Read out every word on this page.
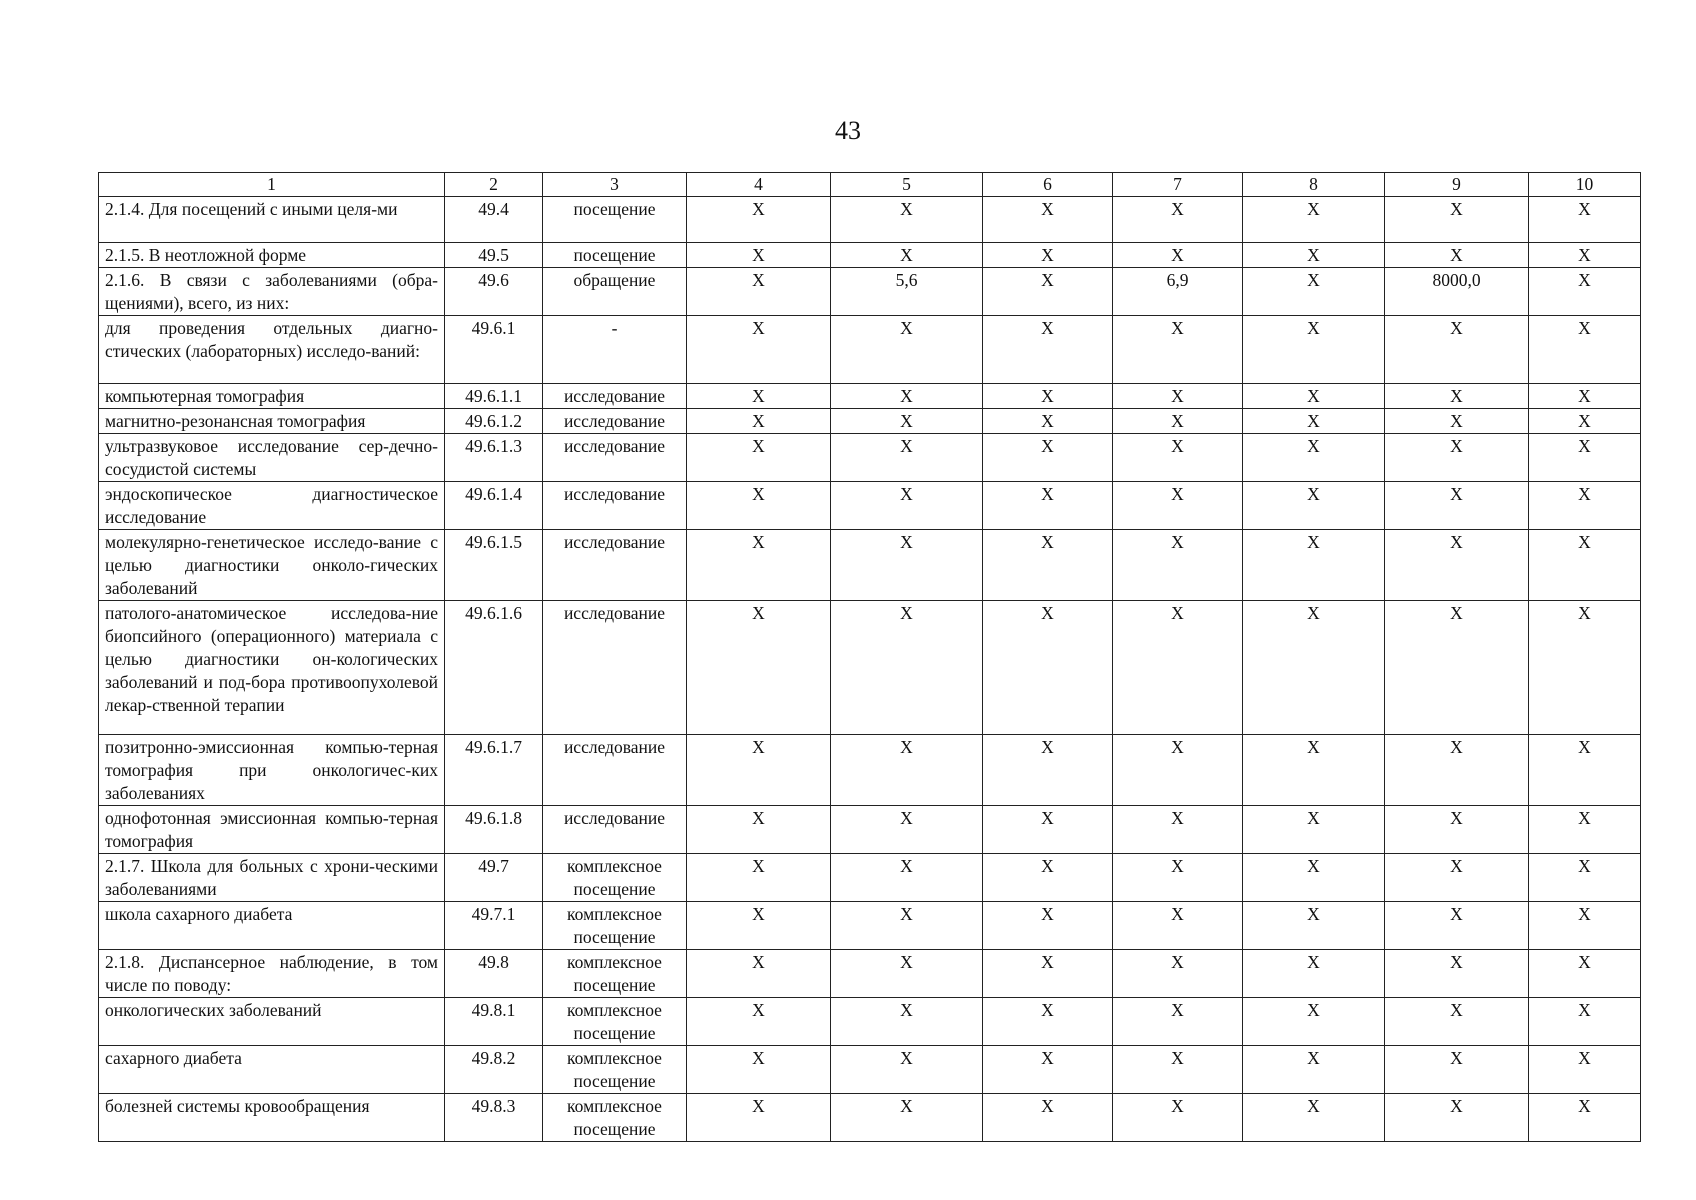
43
1	2	3	4	5	6	7	8	9	10
2.1.4. Для посещений с иными целя-ми	49.4	посещение	Х	Х	Х	Х	Х	Х	Х
2.1.5. В неотложной форме	49.5	посещение	Х	Х	Х	Х	Х	Х	Х
2.1.6. В связи с заболеваниями (обра-щениями), всего, из них:	49.6	обращение	Х	5,6	Х	6,9	Х	8000,0	Х
для проведения отдельных диагно-стических (лабораторных) исследо-ваний:	49.6.1	-	Х	Х	Х	Х	Х	Х	Х
компьютерная томография	49.6.1.1	исследование	Х	Х	Х	Х	Х	Х	Х
магнитно-резонансная томография	49.6.1.2	исследование	Х	Х	Х	Х	Х	Х	Х
ультразвуковое исследование сер-дечно-сосудистой системы	49.6.1.3	исследование	Х	Х	Х	Х	Х	Х	Х
эндоскопическое диагностическое исследование	49.6.1.4	исследование	Х	Х	Х	Х	Х	Х	Х
молекулярно-генетическое исследо-вание с целью диагностики онколо-гических заболеваний	49.6.1.5	исследование	Х	Х	Х	Х	Х	Х	Х
патолого-анатомическое исследова-ние биопсийного (операционного) материала с целью диагностики он-кологических заболеваний и под-бора противоопухолевой лекар-ственной терапии	49.6.1.6	исследование	Х	Х	Х	Х	Х	Х	Х
позитронно-эмиссионная компью-терная томография при онкологичес-ких заболеваниях	49.6.1.7	исследование	Х	Х	Х	Х	Х	Х	Х
однофотонная эмиссионная компью-терная томография	49.6.1.8	исследование	Х	Х	Х	Х	Х	Х	Х
2.1.7. Школа для больных с хрони-ческими заболеваниями	49.7	комплексное посещение	Х	Х	Х	Х	Х	Х	Х
школа сахарного диабета	49.7.1	комплексное посещение	Х	Х	Х	Х	Х	Х	Х
2.1.8. Диспансерное наблюдение, в том числе по поводу:	49.8	комплексное посещение	Х	Х	Х	Х	Х	Х	Х
онкологических заболеваний	49.8.1	комплексное посещение	Х	Х	Х	Х	Х	Х	Х
сахарного диабета	49.8.2	комплексное посещение	Х	Х	Х	Х	Х	Х	Х
болезней системы кровообращения	49.8.3	комплексное посещение	Х	Х	Х	Х	Х	Х	Х
